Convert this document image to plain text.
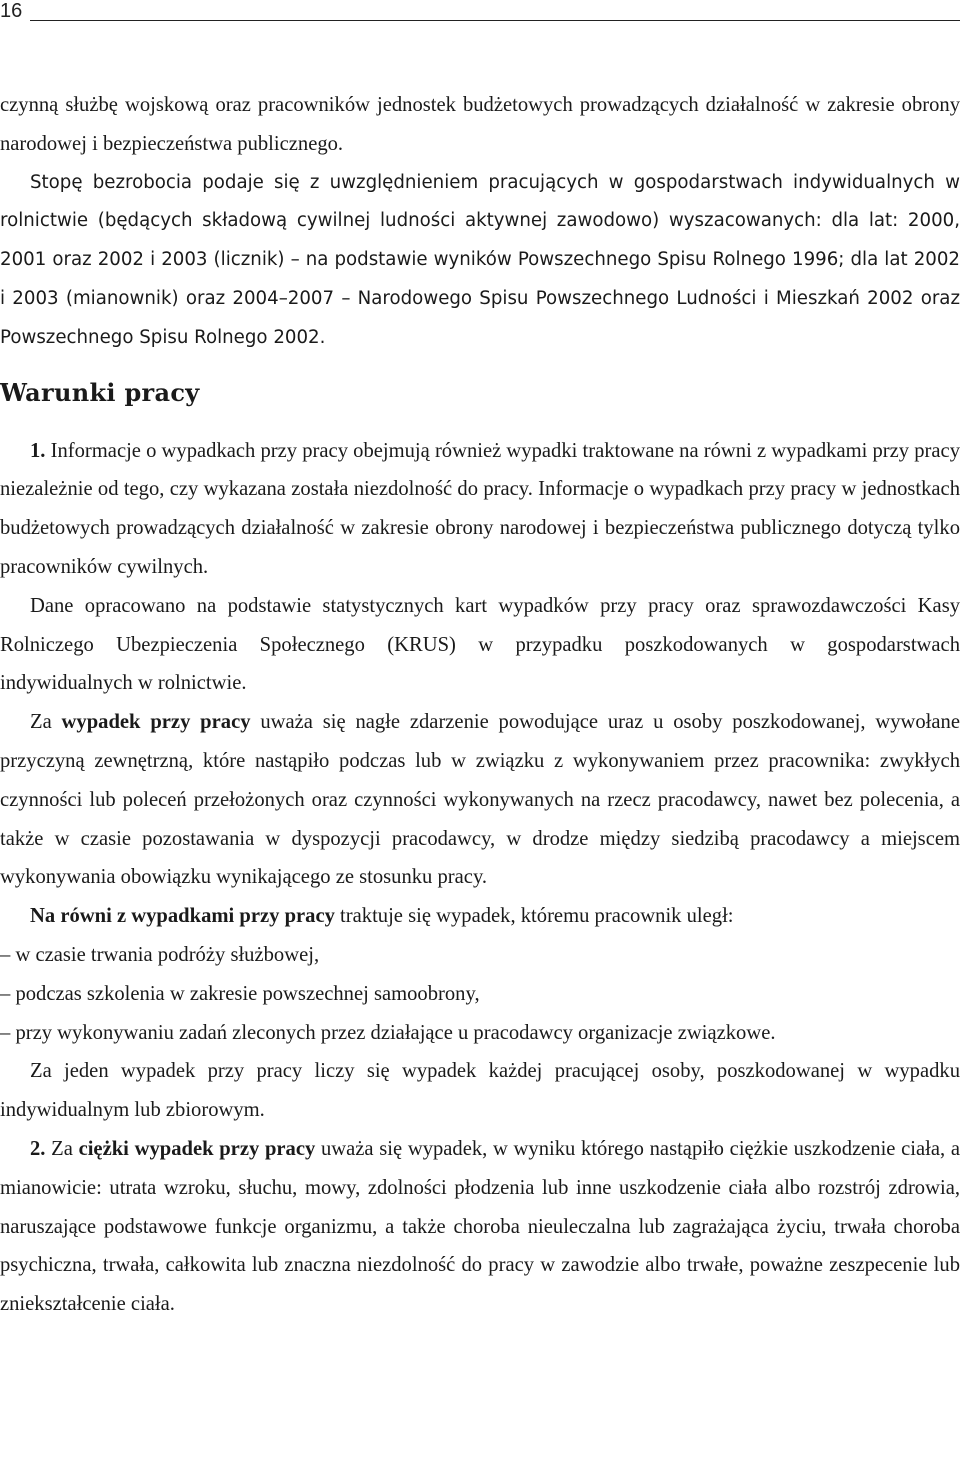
16

czynną służbę wojskową oraz pracowników jednostek budżetowych prowadzących działalność w zakresie obrony narodowej i bezpieczeństwa publicznego.

Stopę bezrobocia podaje się z uwzględnieniem pracujących w gospodarstwach indywidualnych w rolnictwie (będących składową cywilnej ludności aktywnej zawodowo) wyszacowanych: dla lat: 2000, 2001 oraz 2002 i 2003 (licznik) – na podstawie wyników Powszechnego Spisu Rolnego 1996; dla lat 2002 i 2003 (mianownik) oraz 2004–2007 – Narodowego Spisu Powszechnego Ludności i Mieszkań 2002 oraz Powszechnego Spisu Rolnego 2002.

Warunki pracy

1. Informacje o wypadkach przy pracy obejmują również wypadki traktowane na równi z wypadkami przy pracy niezależnie od tego, czy wykazana została niezdolność do pracy. Informacje o wypadkach przy pracy w jednostkach budżetowych prowadzących działalność w zakresie obrony narodowej i bezpieczeństwa publicznego dotyczą tylko pracowników cywilnych.

Dane opracowano na podstawie statystycznych kart wypadków przy pracy oraz sprawozdawczości Kasy Rolniczego Ubezpieczenia Społecznego (KRUS) w przypadku poszkodowanych w gospodarstwach indywidualnych w rolnictwie.

Za wypadek przy pracy uważa się nagłe zdarzenie powodujące uraz u osoby poszkodowanej, wywołane przyczyną zewnętrzną, które nastąpiło podczas lub w związku z wykonywaniem przez pracownika: zwykłych czynności lub poleceń przełożonych oraz czynności wykonywanych na rzecz pracodawcy, nawet bez polecenia, a także w czasie pozostawania w dyspozycji pracodawcy, w drodze między siedzibą pracodawcy a miejscem wykonywania obowiązku wynikającego ze stosunku pracy.

Na równi z wypadkami przy pracy traktuje się wypadek, któremu pracownik uległ:

– w czasie trwania podróży służbowej,

– podczas szkolenia w zakresie powszechnej samoobrony,

– przy wykonywaniu zadań zleconych przez działające u pracodawcy organizacje związkowe.

Za jeden wypadek przy pracy liczy się wypadek każdej pracującej osoby, poszkodowanej w wypadku indywidualnym lub zbiorowym.

2. Za ciężki wypadek przy pracy uważa się wypadek, w wyniku którego nastąpiło ciężkie uszkodzenie ciała, a mianowicie: utrata wzroku, słuchu, mowy, zdolności płodzenia lub inne uszkodzenie ciała albo rozstrój zdrowia, naruszające podstawowe funkcje organizmu, a także choroba nieuleczalna lub zagrażająca życiu, trwała choroba psychiczna, trwała, całkowita lub znaczna niezdolność do pracy w zawodzie albo trwałe, poważne zeszpecenie lub zniekształcenie ciała.
